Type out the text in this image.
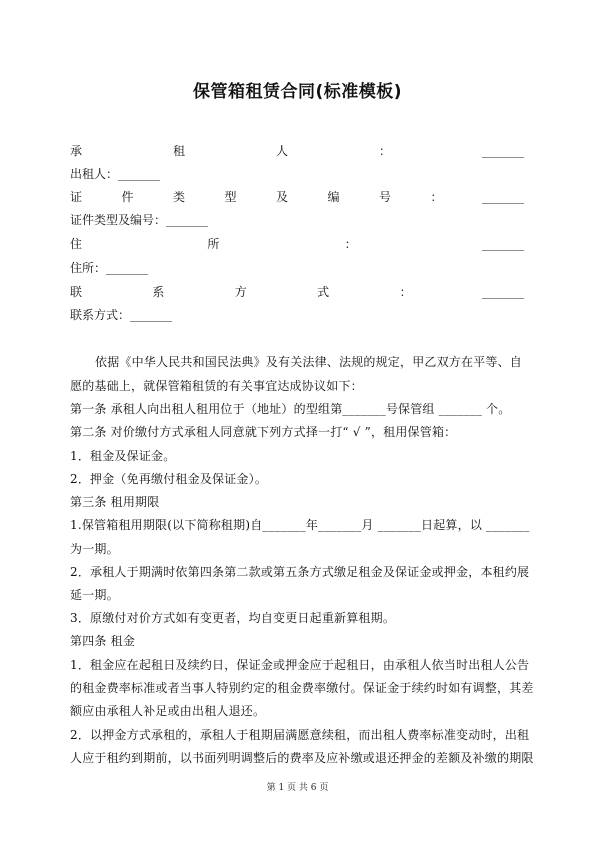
保管箱租赁合同(标准模板)
承	租	人	：	_______
出租人：_______
证	件	类	型	及	编	号	：	_______
证件类型及编号：_______
住	所	：	_______
住所：_______
联	系	方	式	：	_______
联系方式：_______
依据《中华人民共和国民法典》及有关法律、法规的规定，甲乙双方在平等、自
愿的基础上，就保管箱租赁的有关事宜达成协议如下：
第一条 承租人向出租人租用位于（地址）的型组第_______号保管组 _______ 个。
第二条 对价缴付方式承租人同意就下列方式择一打“ √ ”，租用保管箱：
1．租金及保证金。
2．押金（免再缴付租金及保证金）。
第三条 租用期限
1.保管箱租用期限(以下简称租期)自_______年_______月 _______日起算，以 _______
为一期。
2．承租人于期满时依第四条第二款或第五条方式缴足租金及保证金或押金，本租约展
延一期。
3．原缴付对价方式如有变更者，均自变更日起重新算租期。
第四条 租金
1．租金应在起租日及续约日，保证金或押金应于起租日，由承租人依当时出租人公告
的租金费率标准或者当事人特别约定的租金费率缴付。保证金于续约时如有调整，其差
额应由承租人补足或由出租人退还。
2．以押金方式承租的，承租人于租期届满愿意续租，而出租人费率标准变动时，出租
人应于租约到期前，以书面列明调整后的费率及应补缴或退还押金的差额及补缴的期限
第 1 页 共 6 页
